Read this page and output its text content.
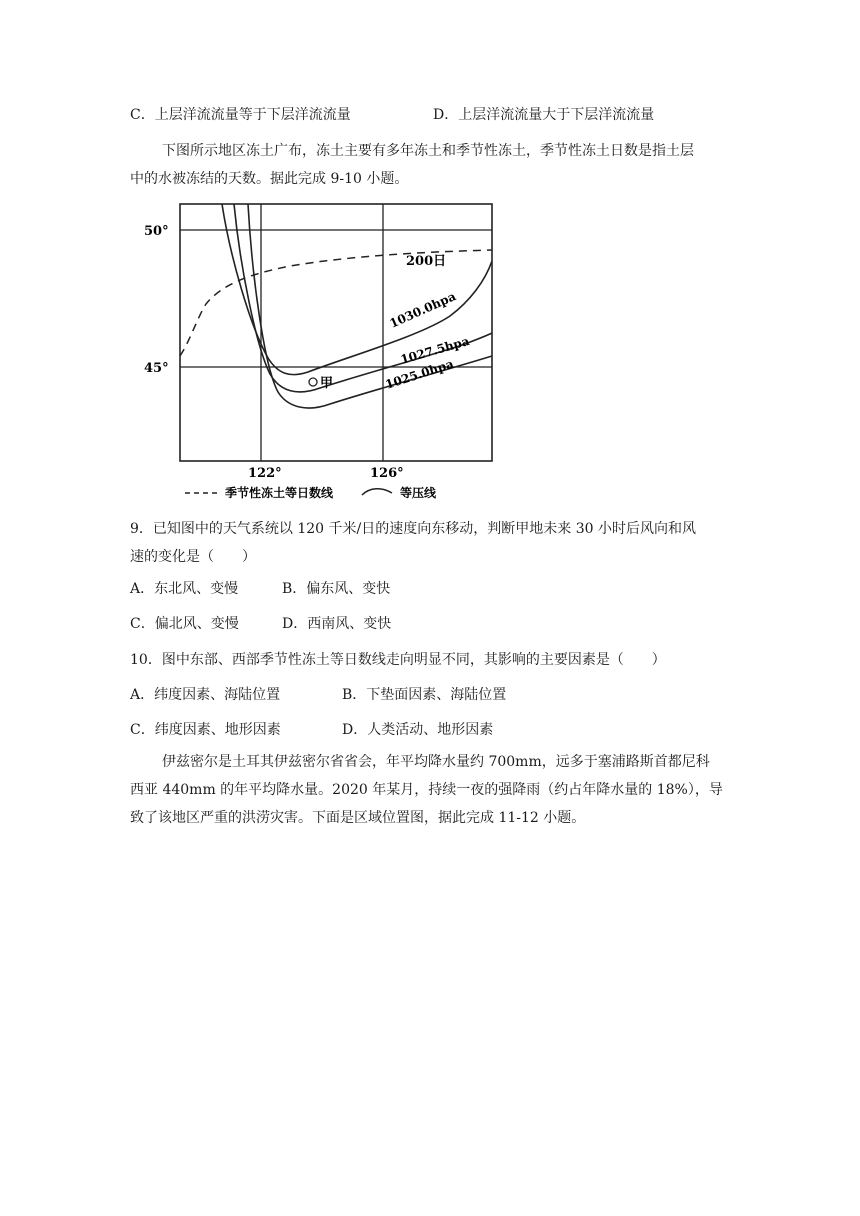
C．上层洋流流量等于下层洋流流量	D．上层洋流流量大于下层洋流流量

下图所示地区冻土广布，冻土主要有多年冻土和季节性冻土，季节性冻土日数是指土层

中的水被冻结的天数。据此完成 9-10 小题。

50°
45°
122°	126°
200日
1030.0hpa
1027.5hpa
1025.0hpa
甲
季节性冻土等日数线	等压线

9．已知图中的天气系统以 120 千米/日的速度向东移动，判断甲地未来 30 小时后风向和风

速的变化是（　　）

A．东北风、变慢	B．偏东风、变快
C．偏北风、变慢	D．西南风、变快
10．图中东部、西部季节性冻土等日数线走向明显不同，其影响的主要因素是（　　）
A．纬度因素、海陆位置	B．下垫面因素、海陆位置
C．纬度因素、地形因素	D．人类活动、地形因素

伊兹密尔是土耳其伊兹密尔省省会，年平均降水量约 700mm，远多于塞浦路斯首都尼科

西亚 440mm 的年平均降水量。2020 年某月，持续一夜的强降雨（约占年降水量的 18%），导

致了该地区严重的洪涝灾害。下面是区域位置图，据此完成 11-12 小题。
